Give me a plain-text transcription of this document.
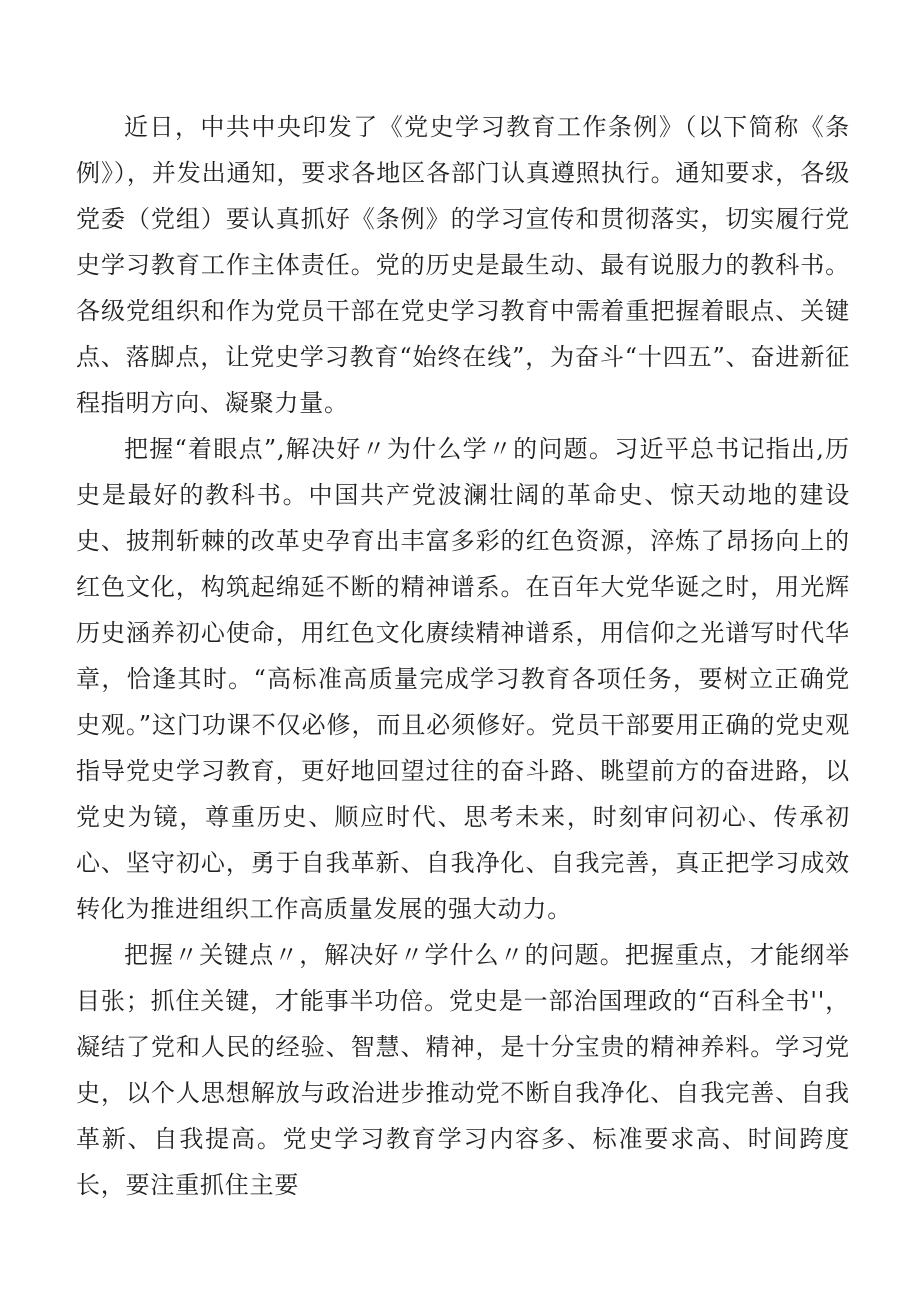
近日，中共中央印发了《党史学习教育工作条例》（以下简称《条例》），并发出通知，要求各地区各部门认真遵照执行。通知要求，各级党委（党组）要认真抓好《条例》的学习宣传和贯彻落实，切实履行党史学习教育工作主体责任。党的历史是最生动、最有说服力的教科书。各级党组织和作为党员干部在党史学习教育中需着重把握着眼点、关键点、落脚点，让党史学习教育“始终在线”，为奋斗“十四五”、奋进新征程指明方向、凝聚力量。

把握“着眼点”,解决好〃为什么学〃的问题。习近平总书记指出,历史是最好的教科书。中国共产党波澜壮阔的革命史、惊天动地的建设史、披荆斩棘的改革史孕育出丰富多彩的红色资源，淬炼了昂扬向上的红色文化，构筑起绵延不断的精神谱系。在百年大党华诞之时，用光辉历史涵养初心使命，用红色文化赓续精神谱系，用信仰之光谱写时代华章，恰逢其时。“高标准高质量完成学习教育各项任务，要树立正确党史观。”这门功课不仅必修，而且必须修好。党员干部要用正确的党史观指导党史学习教育，更好地回望过往的奋斗路、眺望前方的奋进路，以党史为镜，尊重历史、顺应时代、思考未来，时刻审问初心、传承初心、坚守初心，勇于自我革新、自我净化、自我完善，真正把学习成效转化为推进组织工作高质量发展的强大动力。

把握〃关键点〃，解决好〃学什么〃的问题。把握重点，才能纲举目张；抓住关键，才能事半功倍。党史是一部治国理政的“百科全书''，凝结了党和人民的经验、智慧、精神，是十分宝贵的精神养料。学习党史，以个人思想解放与政治进步推动党不断自我净化、自我完善、自我革新、自我提高。党史学习教育学习内容多、标准要求高、时间跨度长，要注重抓住主要
